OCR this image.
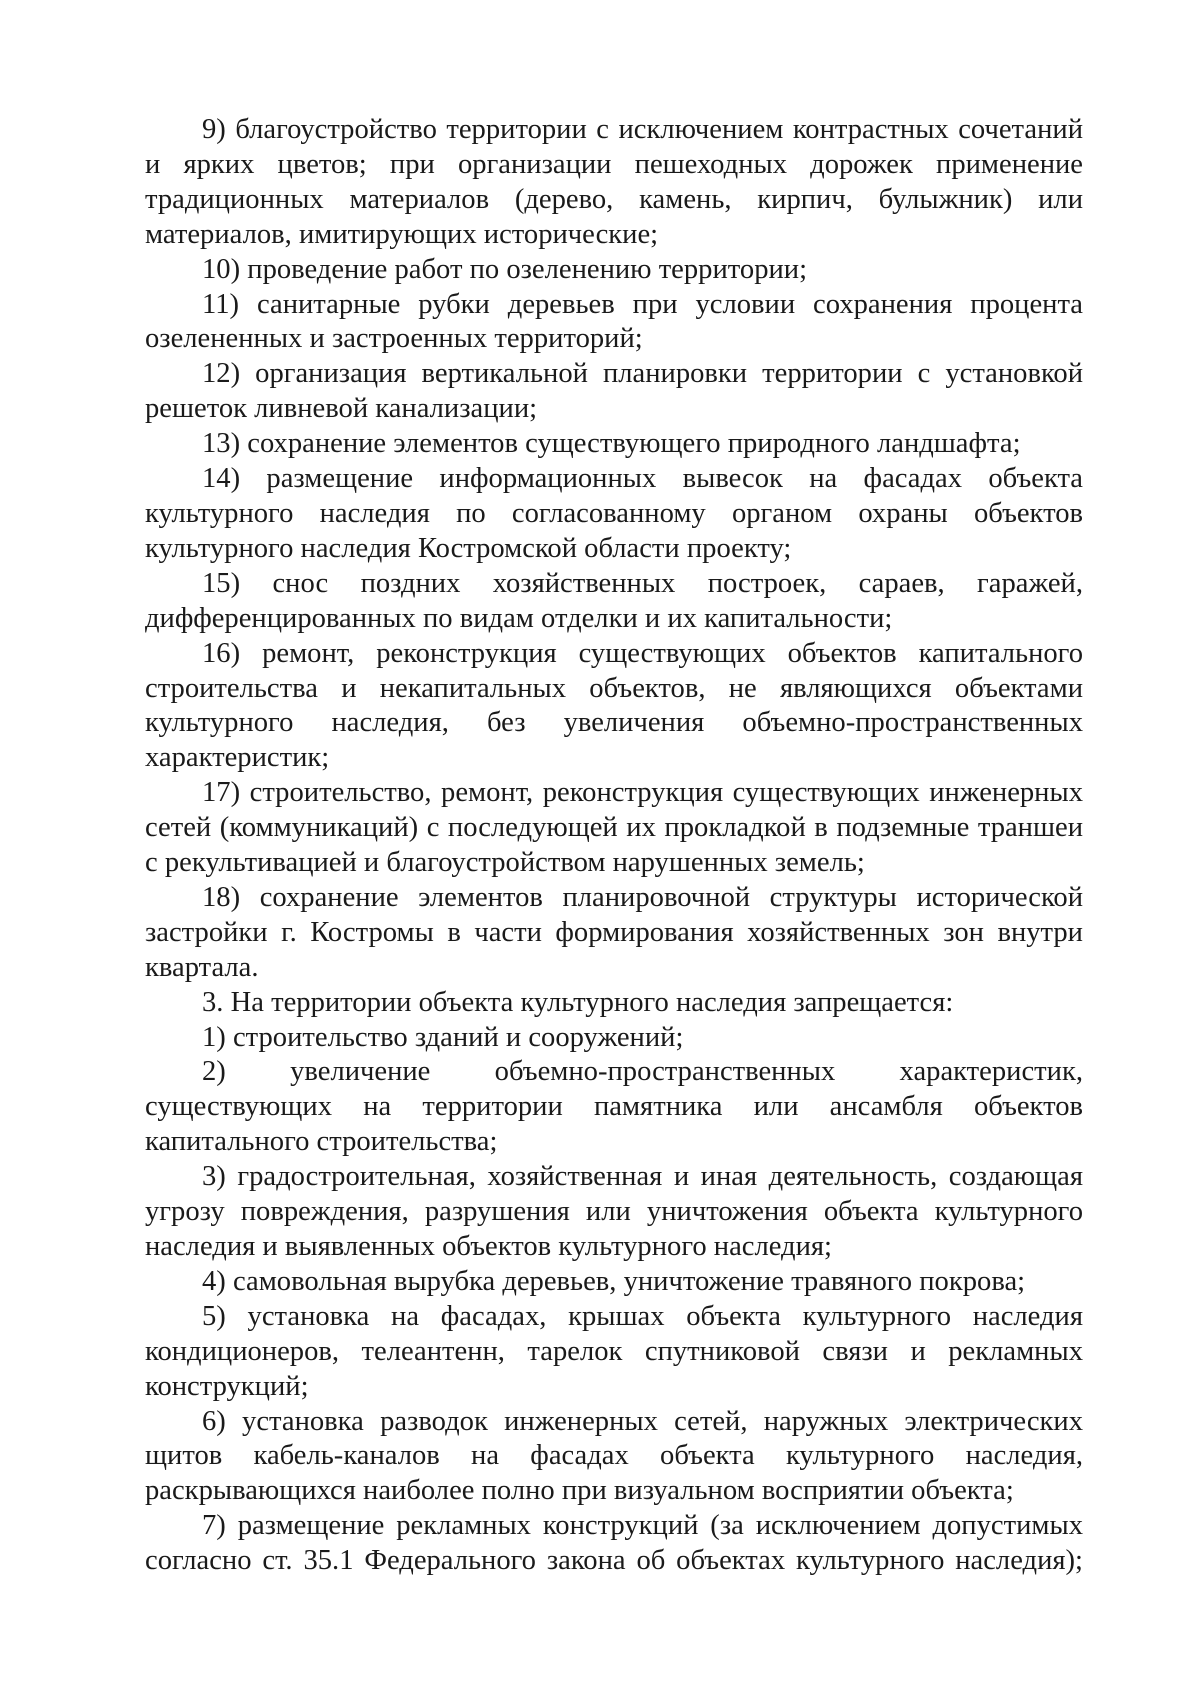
9) благоустройство территории с исключением контрастных сочетаний и ярких цветов; при организации пешеходных дорожек применение традиционных материалов (дерево, камень, кирпич, булыжник) или материалов, имитирующих исторические;

10) проведение работ по озеленению территории;

11) санитарные рубки деревьев при условии сохранения процента озелененных и застроенных территорий;

12) организация вертикальной планировки территории с установкой решеток ливневой канализации;

13) сохранение элементов существующего природного ландшафта;

14) размещение информационных вывесок на фасадах объекта культурного наследия по согласованному органом охраны объектов культурного наследия Костромской области проекту;

15) снос поздних хозяйственных построек, сараев, гаражей, дифференцированных по видам отделки и их капитальности;

16) ремонт, реконструкция существующих объектов капитального строительства и некапитальных объектов, не являющихся объектами культурного наследия, без увеличения объемно-пространственных характеристик;

17) строительство, ремонт, реконструкция существующих инженерных сетей (коммуникаций) с последующей их прокладкой в подземные траншеи с рекультивацией и благоустройством нарушенных земель;

18) сохранение элементов планировочной структуры исторической застройки г. Костромы в части формирования хозяйственных зон внутри квартала.

3. На территории объекта культурного наследия запрещается:

1) строительство зданий и сооружений;

2) увеличение объемно-пространственных характеристик, существующих на территории памятника или ансамбля объектов капитального строительства;

3) градостроительная, хозяйственная и иная деятельность, создающая угрозу повреждения, разрушения или уничтожения объекта культурного наследия и выявленных объектов культурного наследия;

4) самовольная вырубка деревьев, уничтожение травяного покрова;

5) установка на фасадах, крышах объекта культурного наследия кондиционеров, телеантенн, тарелок спутниковой связи и рекламных конструкций;

6) установка разводок инженерных сетей, наружных электрических щитов кабель-каналов на фасадах объекта культурного наследия, раскрывающихся наиболее полно при визуальном восприятии объекта;

7) размещение рекламных конструкций (за исключением допустимых согласно ст. 35.1 Федерального закона об объектах культурного наследия);
